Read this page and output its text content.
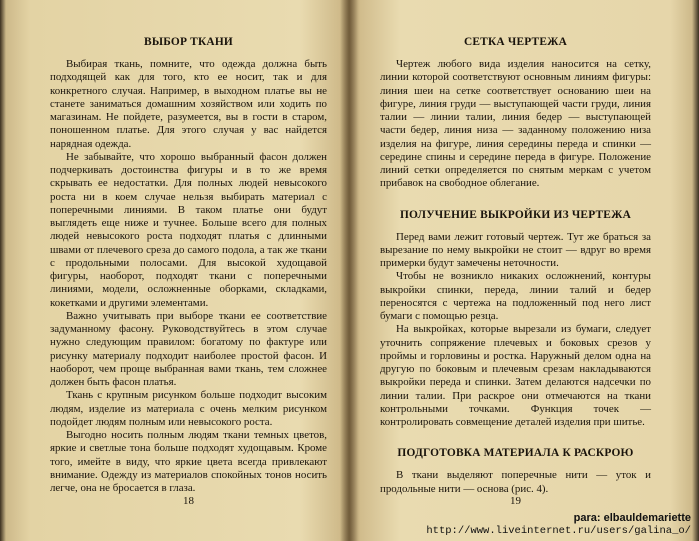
ВЫБОР ТКАНИ

Выбирая ткань, помните, что одежда должна быть подходящей как для того, кто ее носит, так и для конкретного случая. Например, в выходном платье вы не станете заниматься домашним хозяйством или ходить по магазинам. Не пойдете, разумеется, вы в гости в старом, поношенном платье. Для этого случая у вас найдется нарядная одежда.

Не забывайте, что хорошо выбранный фасон должен подчеркивать достоинства фигуры и в то же время скрывать ее недостатки. Для полных людей невысокого роста ни в коем случае нельзя выбирать материал с поперечными линиями. В таком платье они будут выглядеть еще ниже и тучнее. Больше всего для полных людей невысокого роста подходят платья с длинными швами от плечевого среза до самого подола, а так же ткани с продольными полосами. Для высокой худощавой фигуры, наоборот, подходят ткани с поперечными линиями, модели, осложненные оборками, складками, кокетками и другими элементами.

Важно учитывать при выборе ткани ее соответствие задуманному фасону. Руководствуйтесь в этом случае нужно следующим правилом: богатому по фактуре или рисунку материалу подходит наиболее простой фасон. И наоборот, чем проще выбранная вами ткань, тем сложнее должен быть фасон платья.

Ткань с крупным рисунком больше подходит высоким людям, изделие из материала с очень мелким рисунком подойдет людям полным или невысокого роста.

Выгодно носить полным людям ткани темных цветов, яркие и светлые тона больше подходят худощавым. Кроме того, имейте в виду, что яркие цвета всегда привлекают внимание. Одежду из материалов спокойных тонов носить легче, она не бросается в глаза.

18
СЕТКА ЧЕРТЕЖА

Чертеж любого вида изделия наносится на сетку, линии которой соответствуют основным линиям фигуры: линия шеи на сетке соответствует основанию шеи на фигуре, линия груди — выступающей части груди, линия талии — линии талии, линия бедер — выступающей части бедер, линия низа — заданному положению низа изделия на фигуре, линия середины переда и спинки — середине спины и середине переда в фигуре. Положение линий сетки определяется по снятым меркам с учетом прибавок на свободное облегание.

ПОЛУЧЕНИЕ ВЫКРОЙКИ ИЗ ЧЕРТЕЖА

Перед вами лежит готовый чертеж. Тут же браться за вырезание по нему выкройки не стоит — вдруг во время примерки будут замечены неточности.

Чтобы не возникло никаких осложнений, контуры выкройки спинки, переда, линии талий и бедер переносятся с чертежа на подложенный под него лист бумаги с помощью резца.

На выкройках, которые вырезали из бумаги, следует уточнить сопряжение плечевых и боковых срезов у проймы и горловины и ростка. Наружный делом одна на другую по боковым и плечевым срезам накладываются выкройки переда и спинки. Затем делаются надсечки по линии талии. При раскрое они отмечаются на ткани контрольными точками. Функция точек — контролировать совмещение деталей изделия при шитье.

ПОДГОТОВКА МАТЕРИАЛА К РАСКРОЮ

В ткани выделяют поперечные нити — уток и продольные нити — основа (рис. 4).

19
para: elbauldemariette
http://www.liveinternet.ru/users/galina_o/
